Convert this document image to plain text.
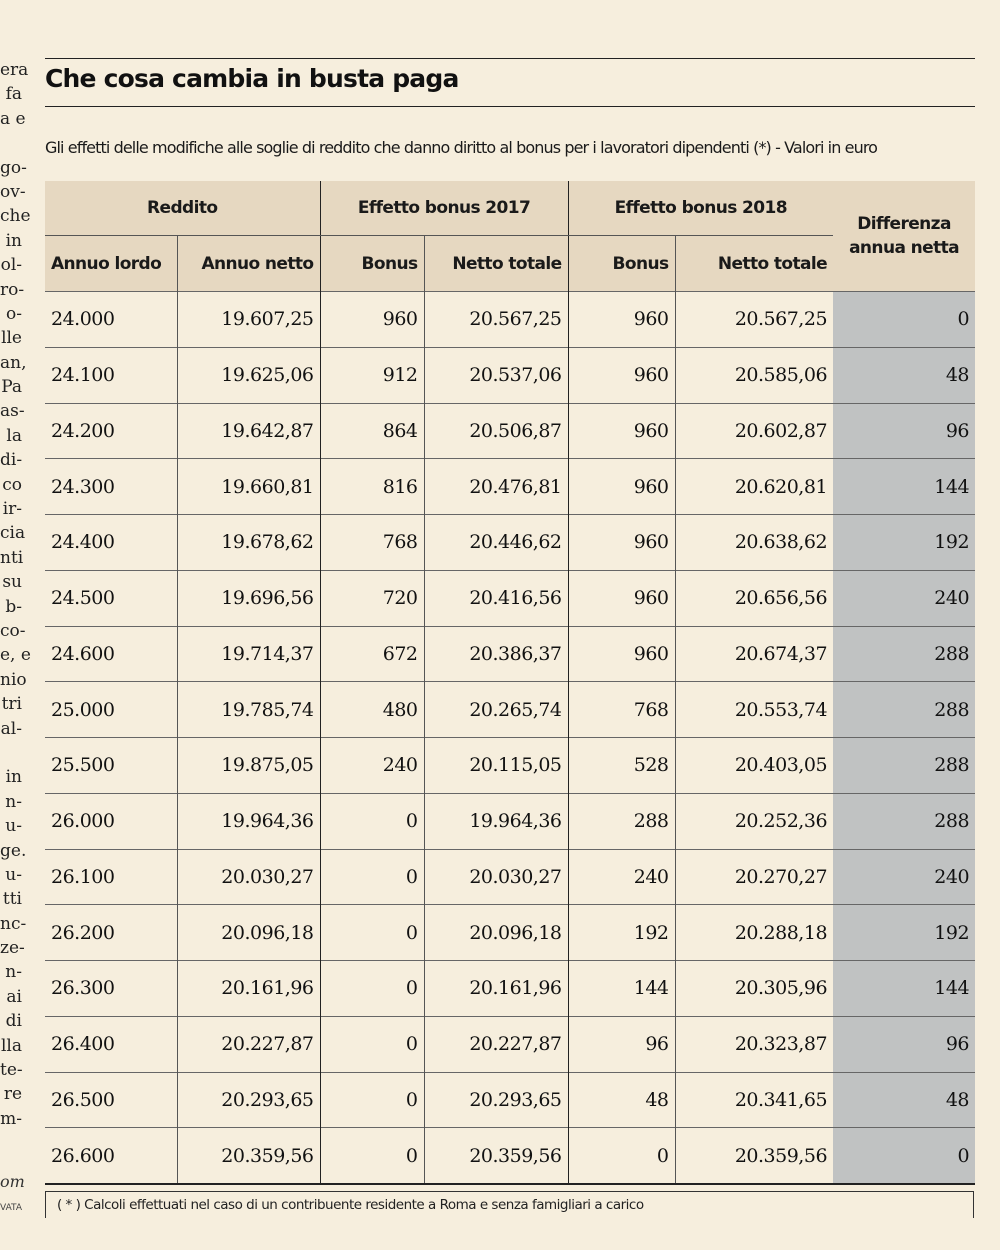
era
fa
a e
go-
ov-
che
in
ol-
ro-
o-
lle
an,
Pa
as-
la
di-
co
ir-
cia
nti
su
b-
co-
e, e
nio
tri
al-
in
n-
u-
ge.
u-
tti
nc-
ze-
n-
ai
di
lla
te-
re
m-
om
VATA
Che cosa cambia in busta paga
Gli effetti delle modifiche alle soglie di reddito che danno diritto al bonus per i lavoratori dipendenti (*) - Valori in euro
Reddito		Effetto bonus 2017		Effetto bonus 2018		Differenza
annua netta
Annuo lordo	Annuo netto	Bonus	Netto totale	Bonus	Netto totale	
24.000	19.607,25	960	20.567,25	960	20.567,25	0
24.100	19.625,06	912	20.537,06	960	20.585,06	48
24.200	19.642,87	864	20.506,87	960	20.602,87	96
24.300	19.660,81	816	20.476,81	960	20.620,81	144
24.400	19.678,62	768	20.446,62	960	20.638,62	192
24.500	19.696,56	720	20.416,56	960	20.656,56	240
24.600	19.714,37	672	20.386,37	960	20.674,37	288
25.000	19.785,74	480	20.265,74	768	20.553,74	288
25.500	19.875,05	240	20.115,05	528	20.403,05	288
26.000	19.964,36	0	19.964,36	288	20.252,36	288
26.100	20.030,27	0	20.030,27	240	20.270,27	240
26.200	20.096,18	0	20.096,18	192	20.288,18	192
26.300	20.161,96	0	20.161,96	144	20.305,96	144
26.400	20.227,87	0	20.227,87	96	20.323,87	96
26.500	20.293,65	0	20.293,65	48	20.341,65	48
26.600	20.359,56	0	20.359,56	0	20.359,56	0
( * ) Calcoli effettuati nel caso di un contribuente residente a Roma e senza famigliari a carico
